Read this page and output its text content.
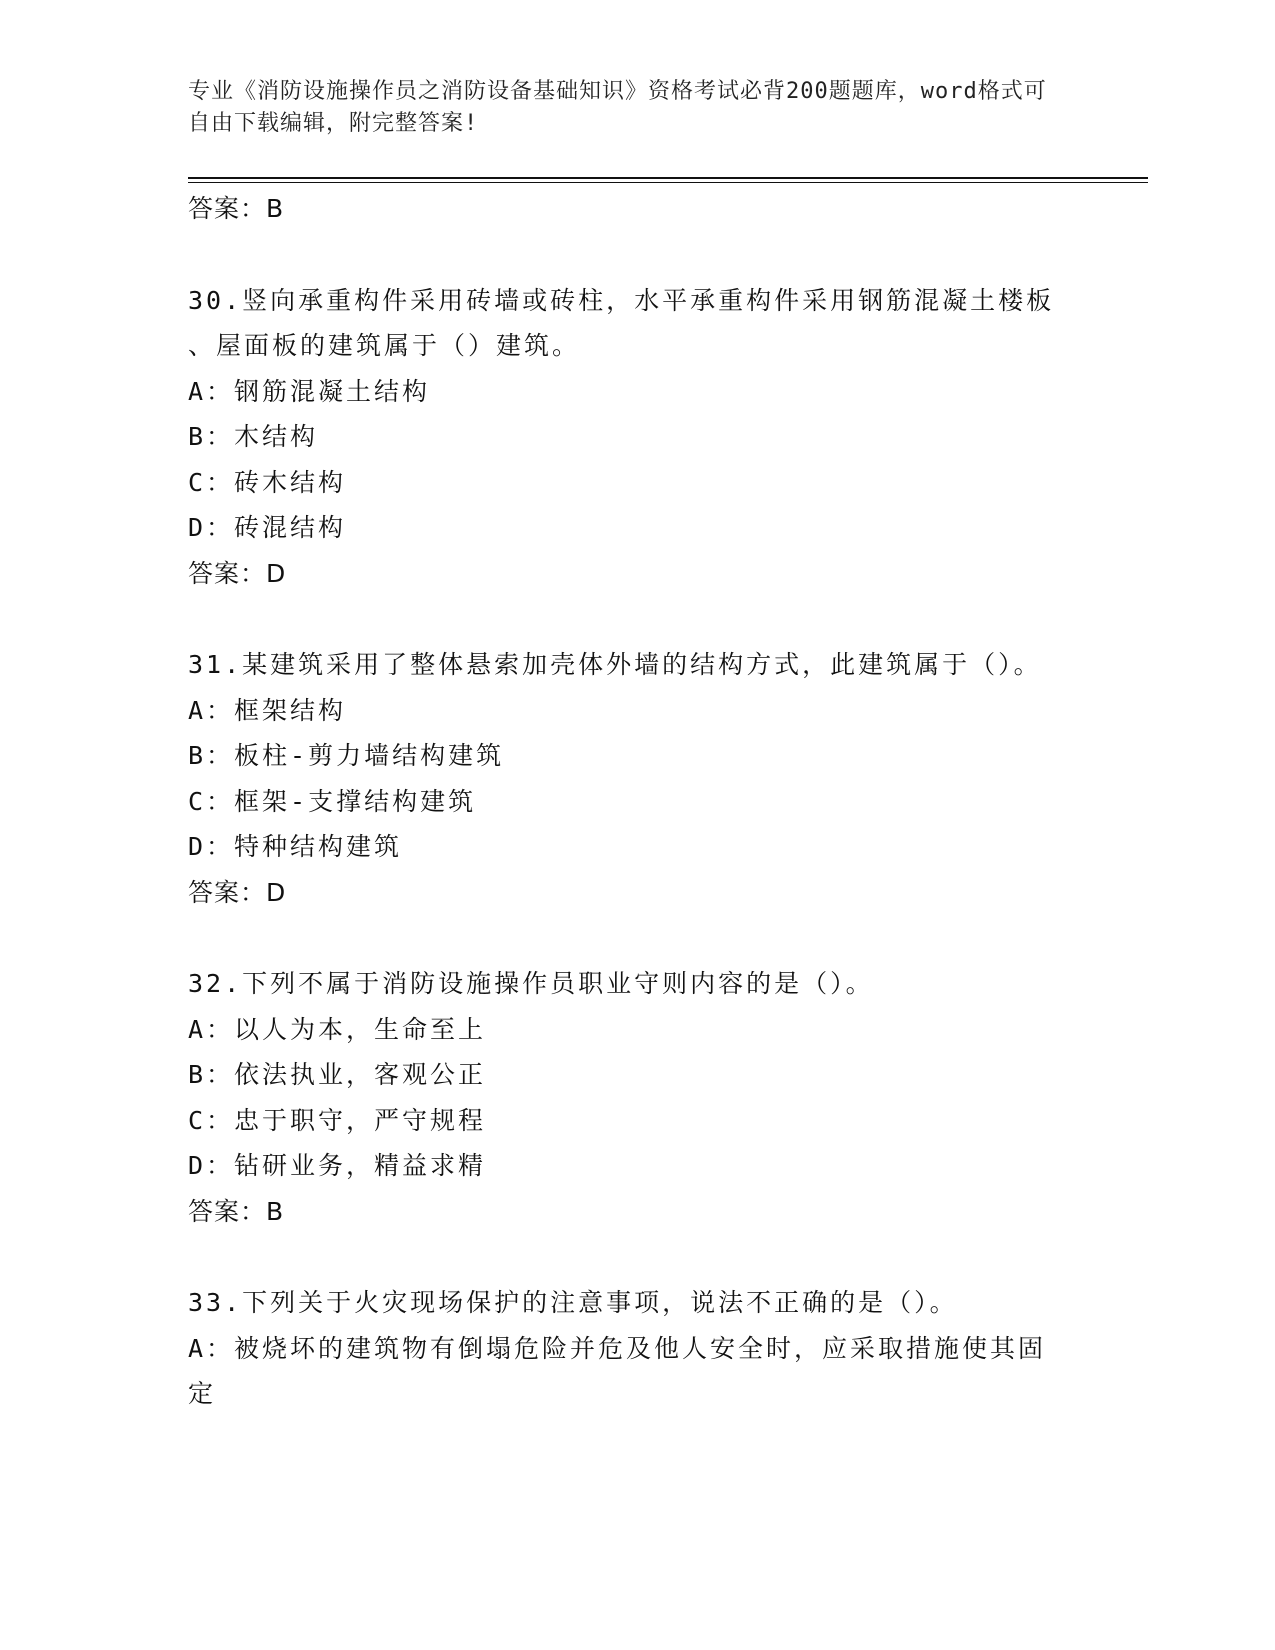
专业《消防设施操作员之消防设备基础知识》资格考试必背200题题库，word格式可自由下载编辑，附完整答案!
答案：B
30.竖向承重构件采用砖墙或砖柱，水平承重构件采用钢筋混凝土楼板
、屋面板的建筑属于（）建筑。
A：钢筋混凝土结构
B：木结构
C：砖木结构
D：砖混结构
答案：D
31.某建筑采用了整体悬索加壳体外墙的结构方式，此建筑属于（）。
A：框架结构
B：板柱-剪力墙结构建筑
C：框架-支撑结构建筑
D：特种结构建筑
答案：D
32.下列不属于消防设施操作员职业守则内容的是（）。
A：以人为本，生命至上
B：依法执业，客观公正
C：忠于职守，严守规程
D：钻研业务，精益求精
答案：B
33.下列关于火灾现场保护的注意事项，说法不正确的是（）。
A：被烧坏的建筑物有倒塌危险并危及他人安全时，应采取措施使其固
定
